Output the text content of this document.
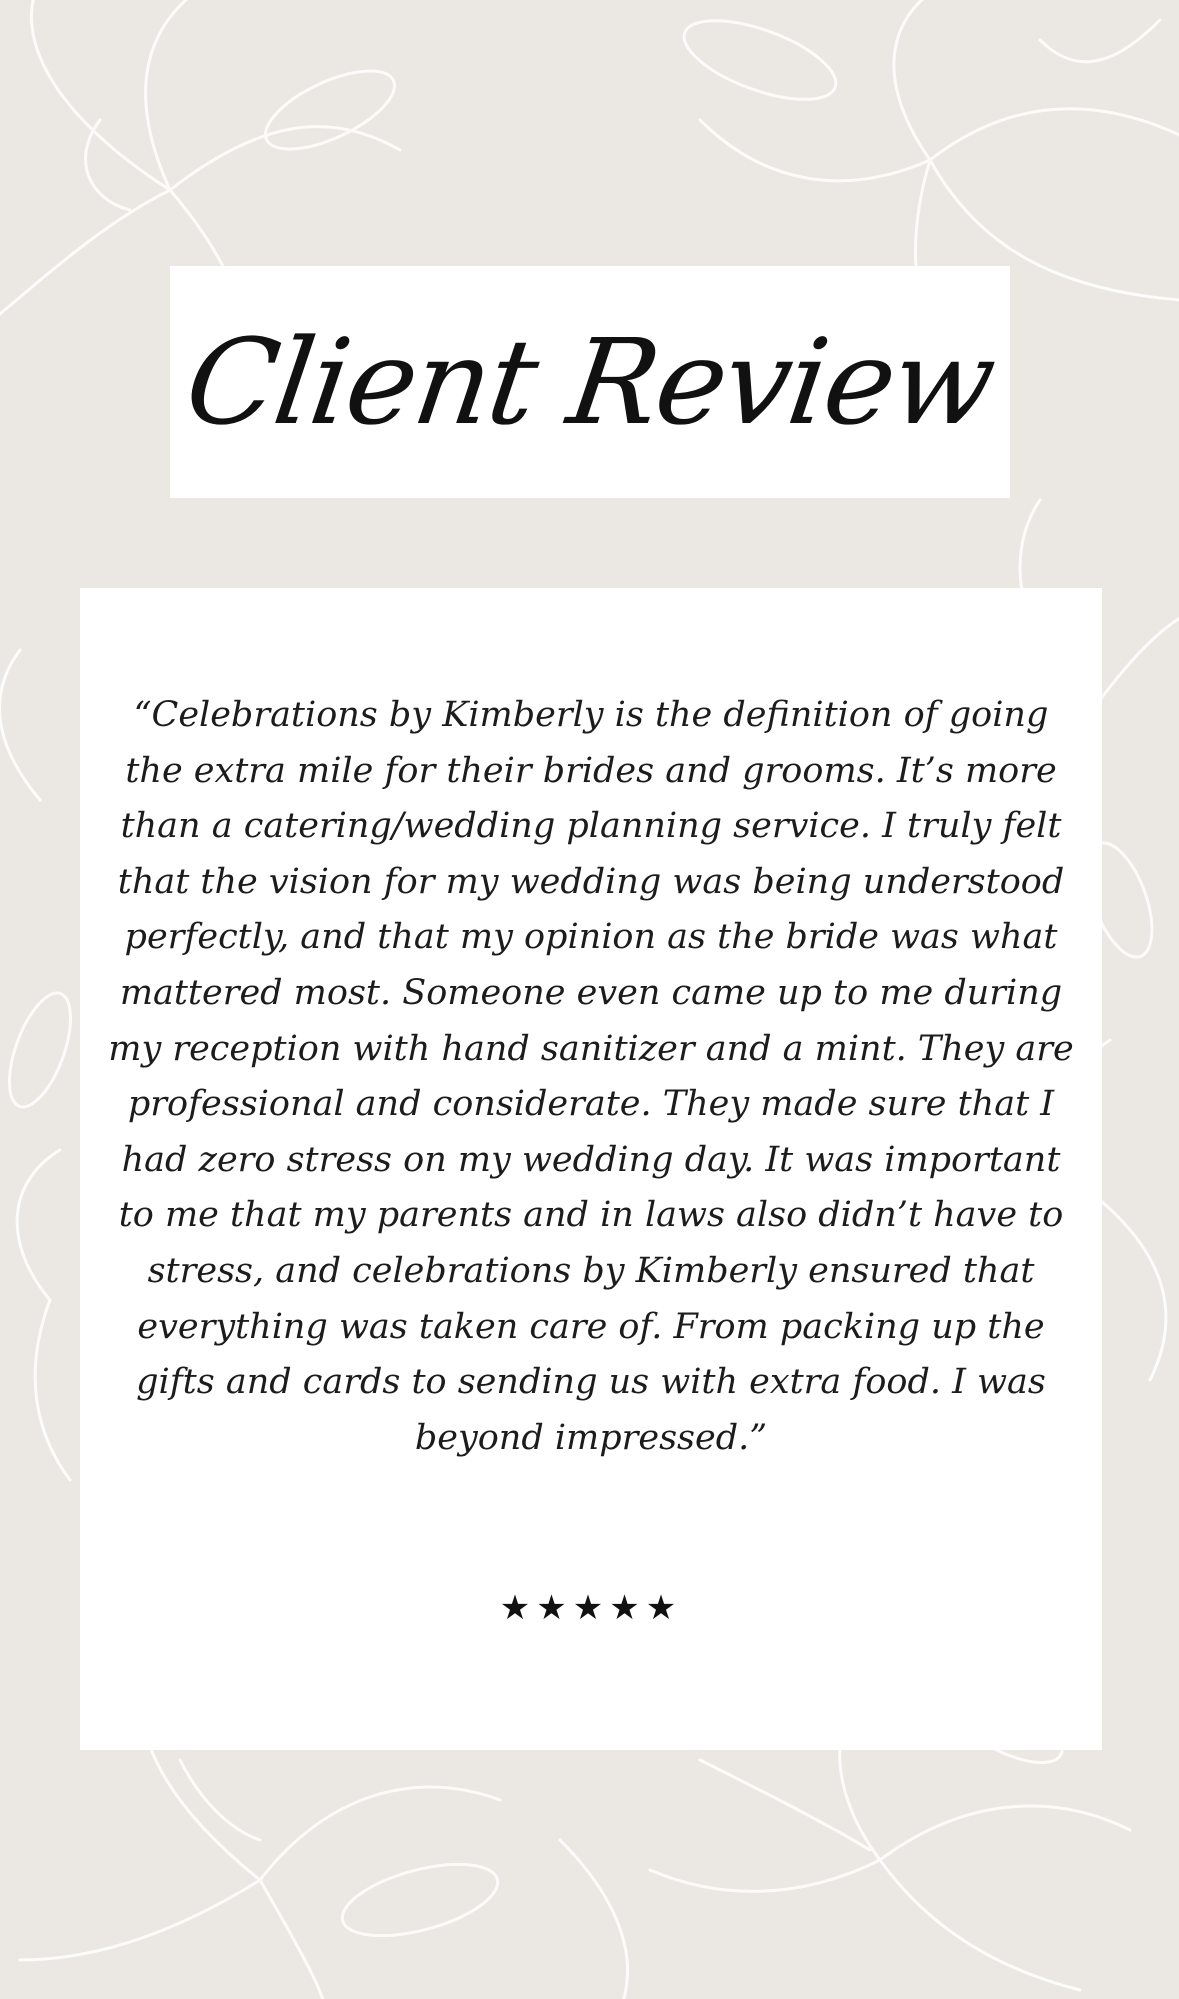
Client Review

“Celebrations by Kimberly is the definition of going the extra mile for their brides and grooms. It’s more than a catering/wedding planning service. I truly felt that the vision for my wedding was being understood perfectly, and that my opinion as the bride was what mattered most. Someone even came up to me during my reception with hand sanitizer and a mint. They are professional and considerate. They made sure that I had zero stress on my wedding day. It was important to me that my parents and in laws also didn’t have to stress, and celebrations by Kimberly ensured that everything was taken care of. From packing up the gifts and cards to sending us with extra food. I was beyond impressed.”

★★★★★
